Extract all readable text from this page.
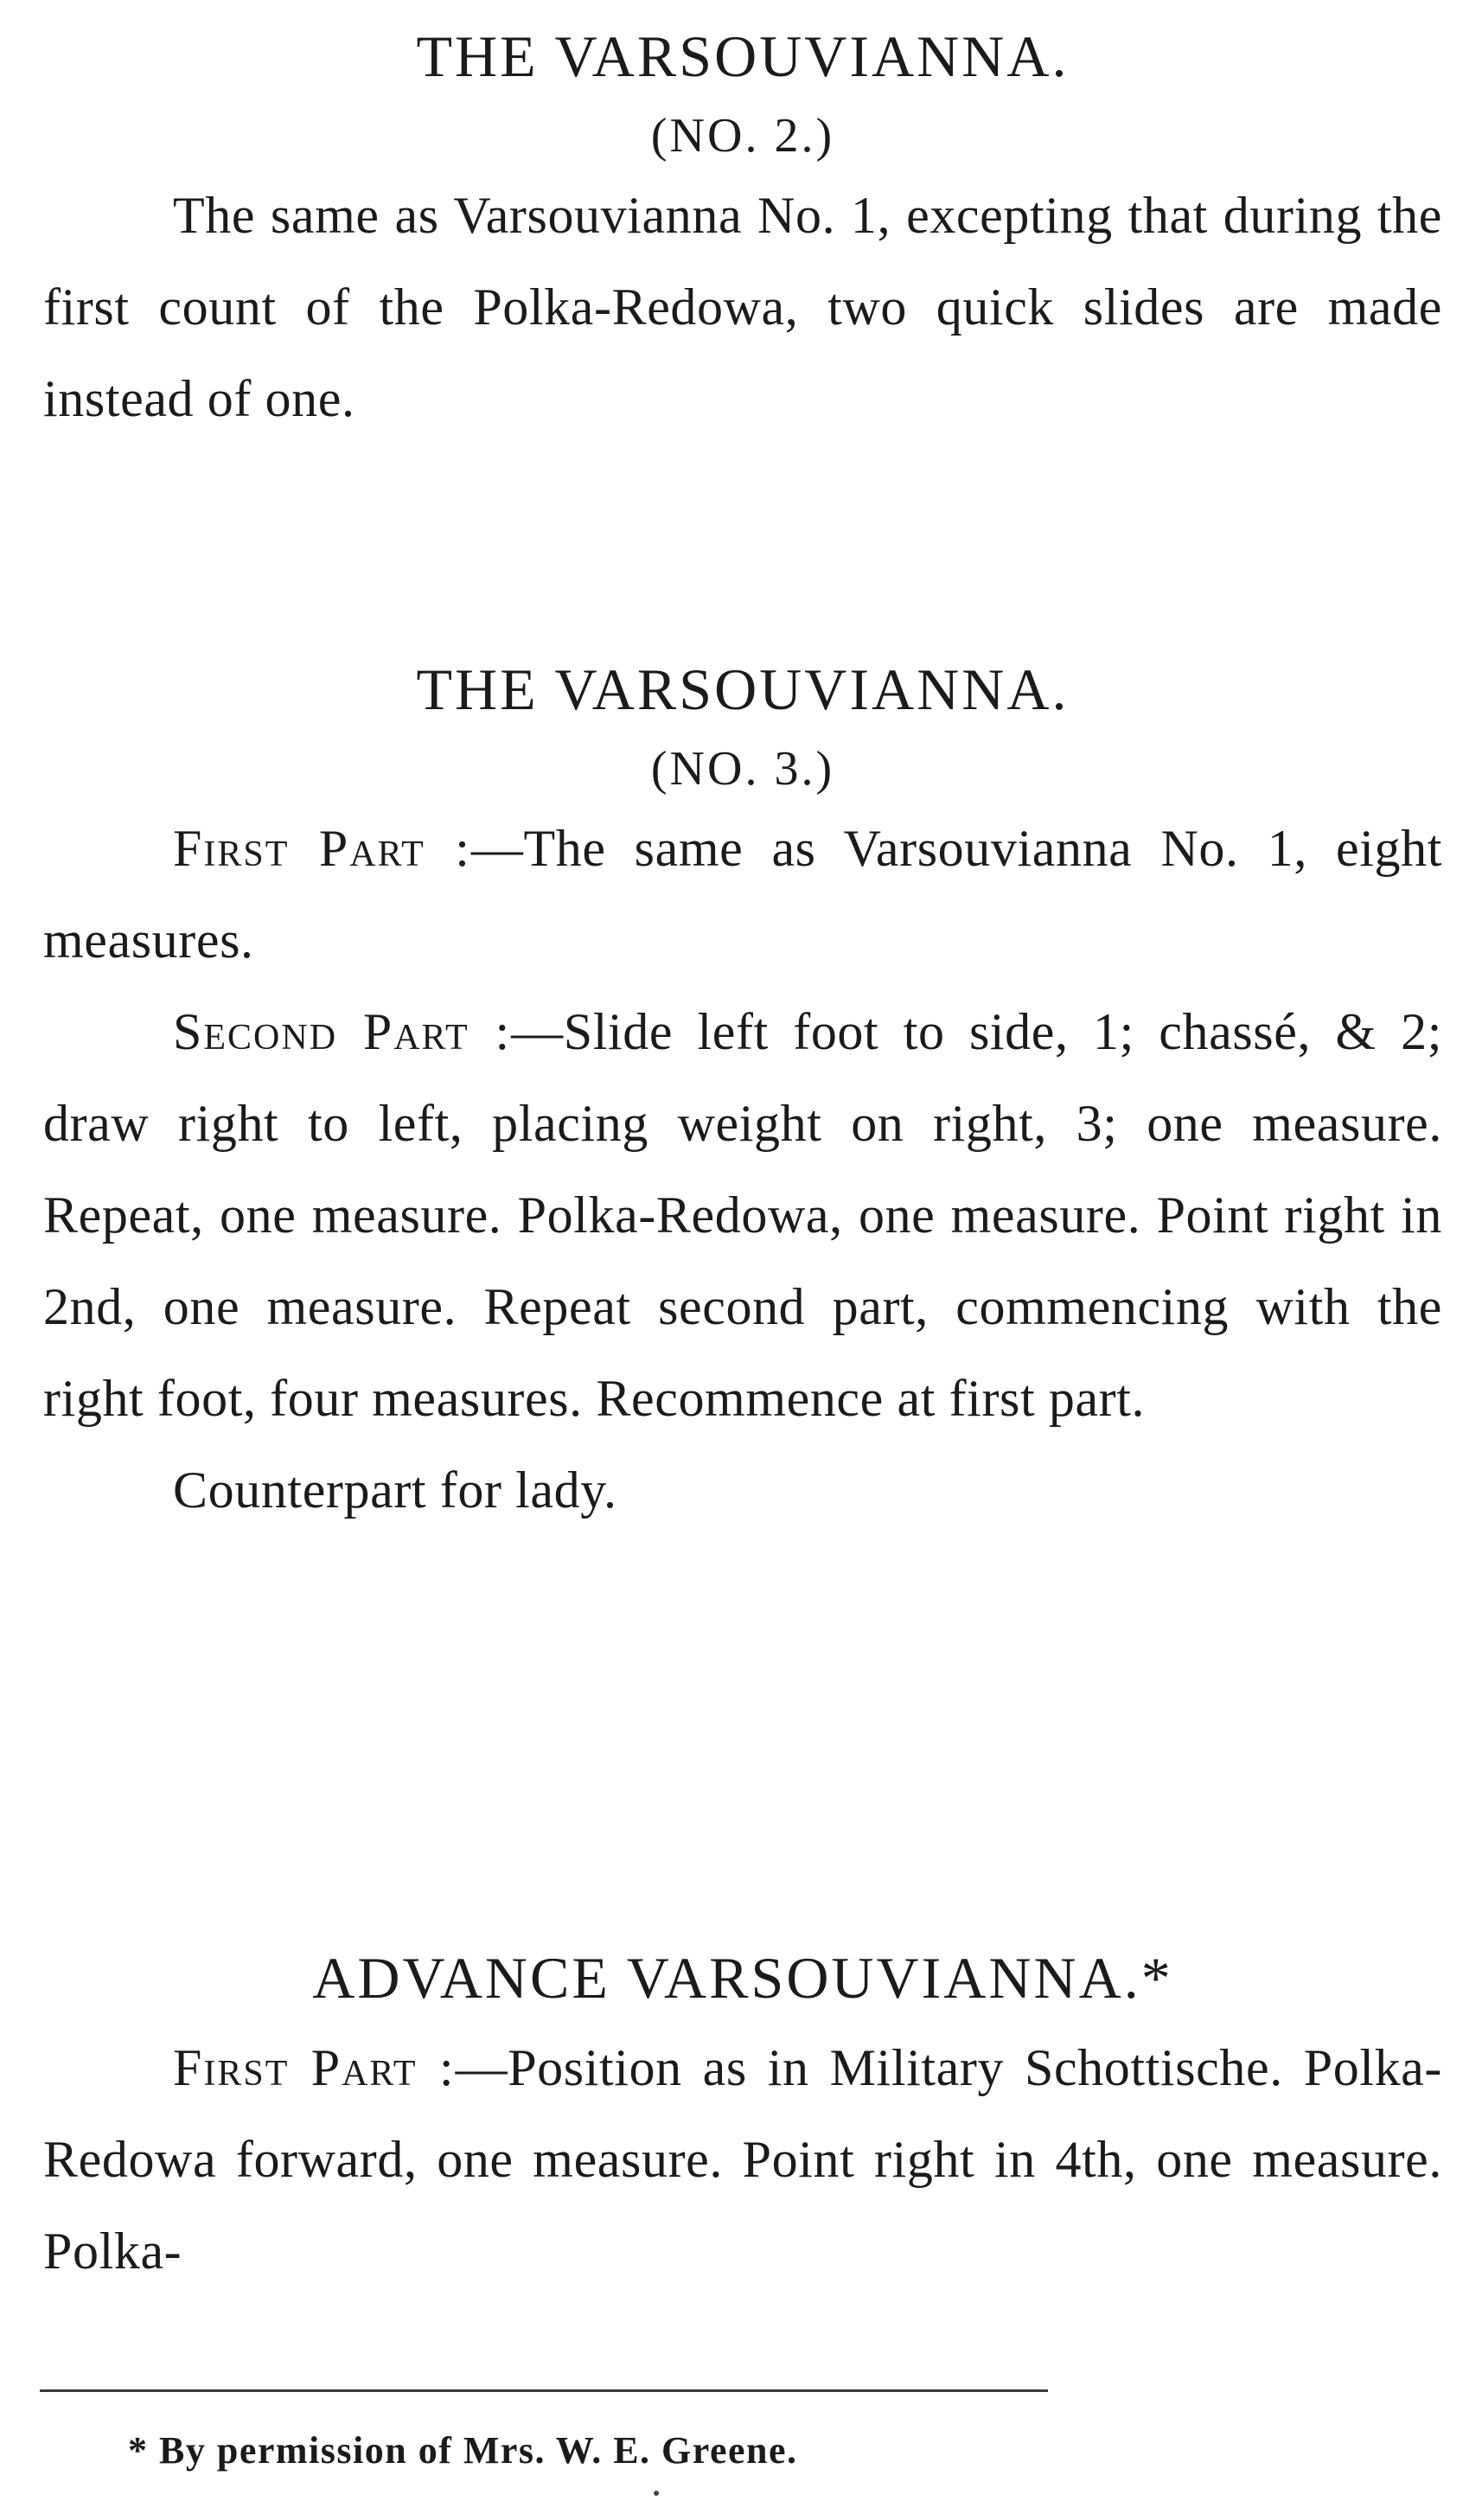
THE VARSOUVIANNA.
(NO. 2.)

The same as Varsouvianna No. 1, excepting that during the first count of the Polka-Redowa, two quick slides are made instead of one.

THE VARSOUVIANNA.
(NO. 3.)

First Part :—The same as Varsouvianna No. 1, eight measures.

Second Part :—Slide left foot to side, 1; chassé, & 2; draw right to left, placing weight on right, 3; one measure. Repeat, one measure. Polka-Redowa, one measure. Point right in 2nd, one measure. Repeat second part, commencing with the right foot, four measures. Recommence at first part.

Counterpart for lady.

ADVANCE VARSOUVIANNA.*

First Part :—Position as in Military Schottische. Polka-Redowa forward, one measure. Point right in 4th, one measure. Polka-

* By permission of Mrs. W. E. Greene.
